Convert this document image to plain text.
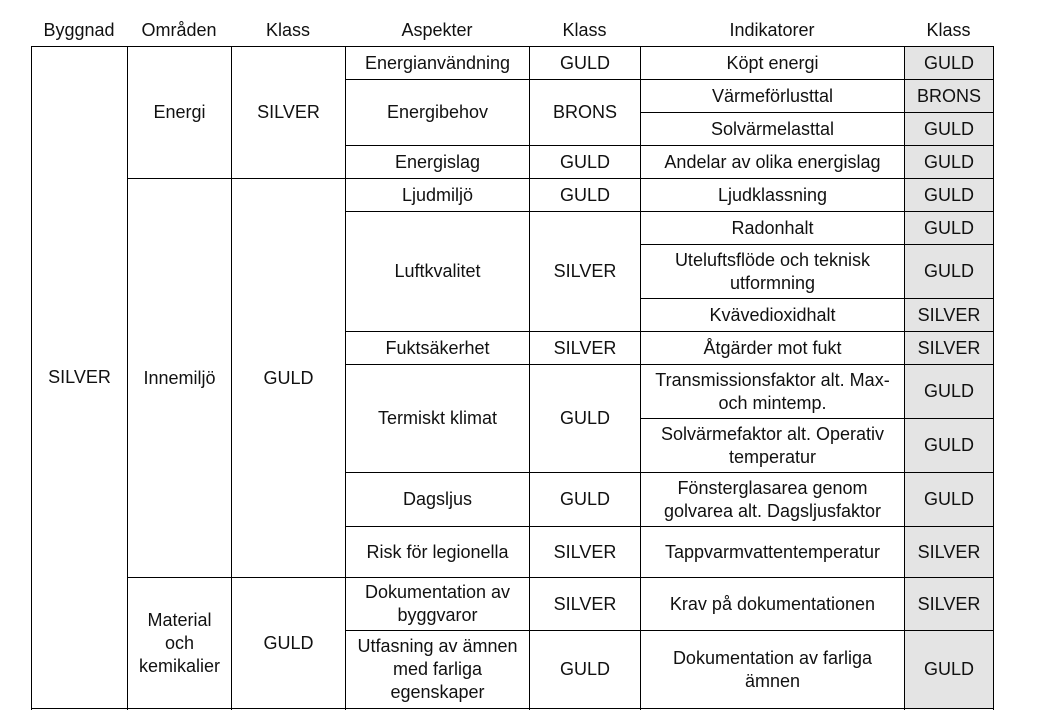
Byggnad	Områden	Klass	Aspekter	Klass	Indikatorer	Klass
SILVER	Energi	SILVER	Energianvändning	GULD	Köpt energi	GULD
			Energibehov	BRONS	Värmeförlusttal	BRONS
					Solvärmelasttal	GULD
			Energislag	GULD	Andelar av olika energislag	GULD
	Innemiljö	GULD	Ljudmiljö	GULD	Ljudklassning	GULD
			Luftkvalitet	SILVER	Radonhalt	GULD
					Uteluftsflöde och teknisk utformning	GULD
					Kvävedioxidhalt	SILVER
			Fuktsäkerhet	SILVER	Åtgärder mot fukt	SILVER
			Termiskt klimat	GULD	Transmissionsfaktor alt. Max- och mintemp.	GULD
					Solvärmefaktor alt. Operativ temperatur	GULD
			Dagsljus	GULD	Fönsterglasarea genom golvarea alt. Dagsljusfaktor	GULD
			Risk för legionella	SILVER	Tappvarmvattentemperatur	SILVER

	Material och kemikalier	GULD	Dokumentation av byggvaror	SILVER	Krav på dokumentationen	SILVER

			Utfasning av ämnen med farliga egenskaper	GULD	Dokumentation av farliga ämnen	GULD
